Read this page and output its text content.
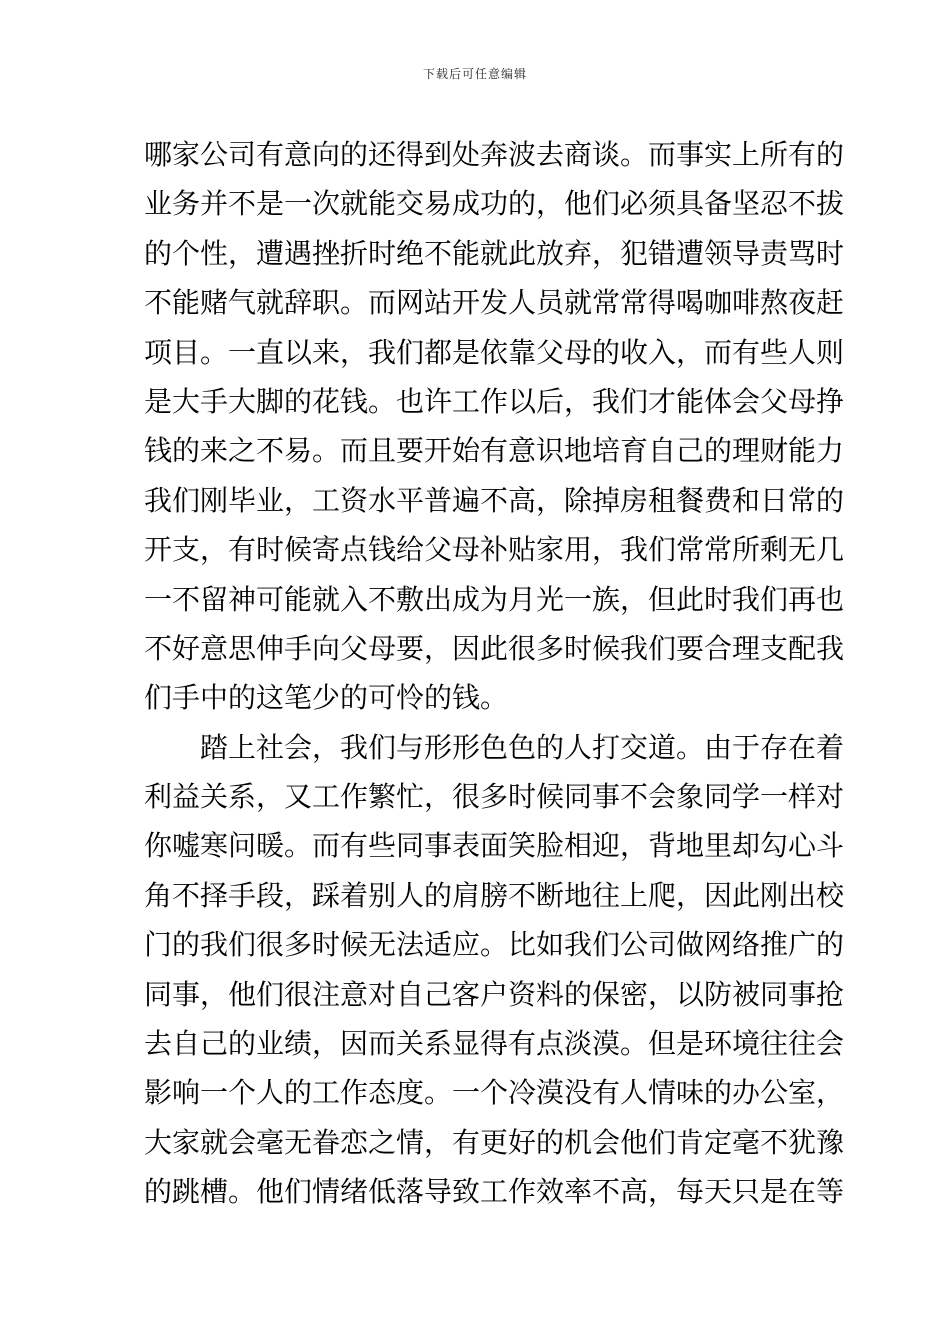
下载后可任意编辑
哪家公司有意向的还得到处奔波去商谈。而事实上所有的
业务并不是一次就能交易成功的，他们必须具备坚忍不拔
的个性，遭遇挫折时绝不能就此放弃，犯错遭领导责骂时
不能赌气就辞职。而网站开发人员就常常得喝咖啡熬夜赶
项目。一直以来，我们都是依靠父母的收入，而有些人则
是大手大脚的花钱。也许工作以后，我们才能体会父母挣
钱的来之不易。而且要开始有意识地培育自己的理财能力
我们刚毕业，工资水平普遍不高，除掉房租餐费和日常的
开支，有时候寄点钱给父母补贴家用，我们常常所剩无几
一不留神可能就入不敷出成为月光一族，但此时我们再也
不好意思伸手向父母要，因此很多时候我们要合理支配我
们手中的这笔少的可怜的钱。
踏上社会，我们与形形色色的人打交道。由于存在着
利益关系，又工作繁忙，很多时候同事不会象同学一样对
你嘘寒问暖。而有些同事表面笑脸相迎，背地里却勾心斗
角不择手段，踩着别人的肩膀不断地往上爬，因此刚出校
门的我们很多时候无法适应。比如我们公司做网络推广的
同事，他们很注意对自己客户资料的保密，以防被同事抢
去自己的业绩，因而关系显得有点淡漠。但是环境往往会
影响一个人的工作态度。一个冷漠没有人情味的办公室，
大家就会毫无眷恋之情，有更好的机会他们肯定毫不犹豫
的跳槽。他们情绪低落导致工作效率不高，每天只是在等
